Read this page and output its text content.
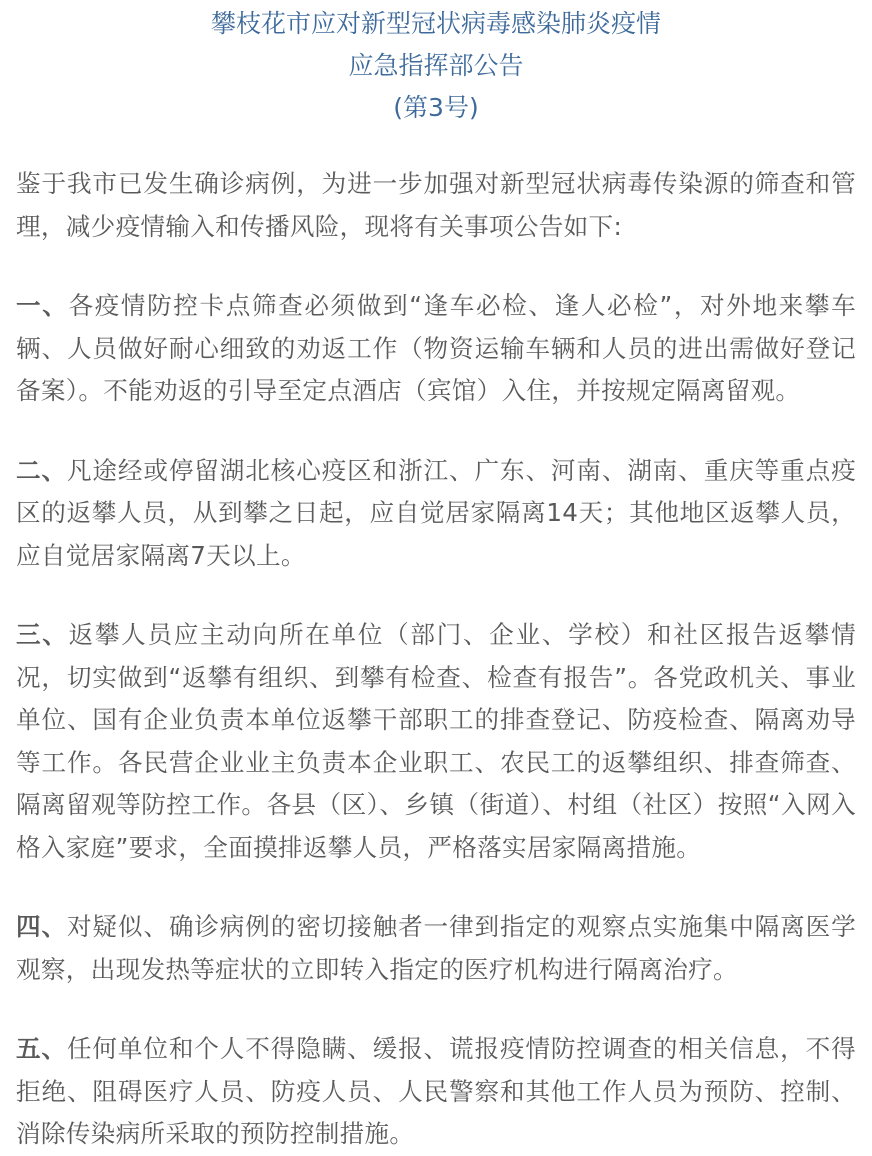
攀枝花市应对新型冠状病毒感染肺炎疫情
应急指挥部公告
(第3号)

鉴于我市已发生确诊病例，为进一步加强对新型冠状病毒传染源的筛查和管理，减少疫情输入和传播风险，现将有关事项公告如下:

一、各疫情防控卡点筛查必须做到“逢车必检、逢人必检”，对外地来攀车辆、人员做好耐心细致的劝返工作（物资运输车辆和人员的进出需做好登记备案）。不能劝返的引导至定点酒店（宾馆）入住，并按规定隔离留观。

二、凡途经或停留湖北核心疫区和浙江、广东、河南、湖南、重庆等重点疫区的返攀人员，从到攀之日起，应自觉居家隔离14天；其他地区返攀人员，应自觉居家隔离7天以上。

三、返攀人员应主动向所在单位（部门、企业、学校）和社区报告返攀情况，切实做到“返攀有组织、到攀有检查、检查有报告”。各党政机关、事业单位、国有企业负责本单位返攀干部职工的排查登记、防疫检查、隔离劝导等工作。各民营企业业主负责本企业职工、农民工的返攀组织、排查筛查、隔离留观等防控工作。各县（区）、乡镇（街道）、村组（社区）按照“入网入格入家庭”要求，全面摸排返攀人员，严格落实居家隔离措施。

四、对疑似、确诊病例的密切接触者一律到指定的观察点实施集中隔离医学观察，出现发热等症状的立即转入指定的医疗机构进行隔离治疗。

五、任何单位和个人不得隐瞒、缓报、谎报疫情防控调查的相关信息，不得拒绝、阻碍医疗人员、防疫人员、人民警察和其他工作人员为预防、控制、消除传染病所采取的预防控制措施。
